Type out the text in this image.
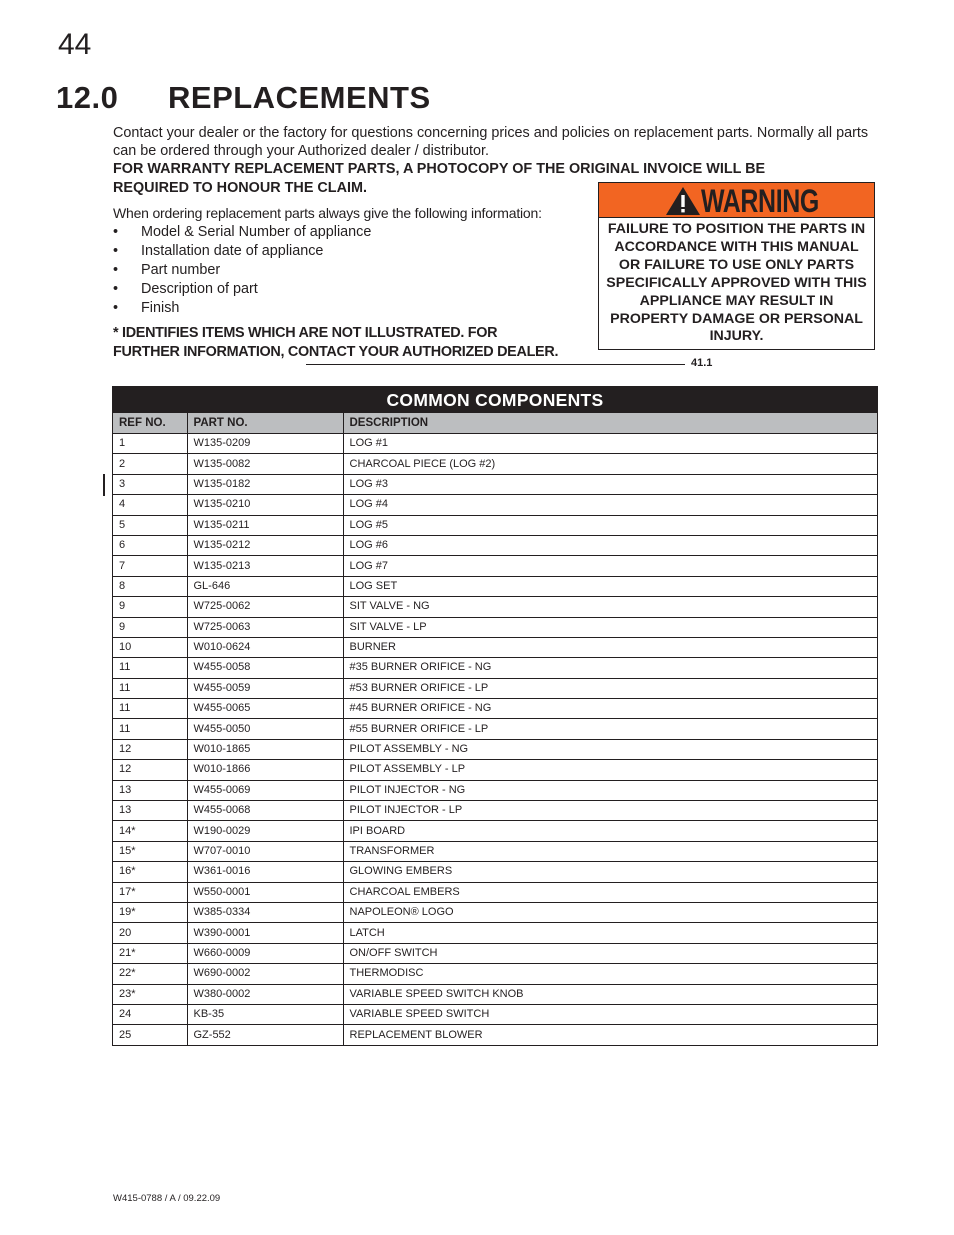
44
12.0 REPLACEMENTS
Contact your dealer or the factory for questions concerning prices and policies on replacement parts. Normally all parts can be ordered through your Authorized dealer / distributor.
FOR WARRANTY REPLACEMENT PARTS, A PHOTOCOPY OF THE ORIGINAL INVOICE WILL BE
REQUIRED TO HONOUR THE CLAIM.
When ordering replacement parts always give the following information:
• Model & Serial Number of appliance
• Installation date of appliance
• Part number
• Description of part
• Finish
* IDENTIFIES ITEMS WHICH ARE NOT ILLUSTRATED. FOR
FURTHER INFORMATION, CONTACT YOUR AUTHORIZED DEALER.
WARNING
FAILURE TO POSITION THE PARTS IN ACCORDANCE WITH THIS MANUAL OR FAILURE TO USE ONLY PARTS SPECIFICALLY APPROVED WITH THIS APPLIANCE MAY RESULT IN PROPERTY DAMAGE OR PERSONAL INJURY.
41.1
COMMON COMPONENTS
REF NO.	PART NO.	DESCRIPTION
1	W135-0209	LOG #1
2	W135-0082	CHARCOAL PIECE (LOG #2)
3	W135-0182	LOG #3
4	W135-0210	LOG #4
5	W135-0211	LOG #5
6	W135-0212	LOG #6
7	W135-0213	LOG #7
8	GL-646	LOG SET
9	W725-0062	SIT VALVE - NG
9	W725-0063	SIT VALVE - LP
10	W010-0624	BURNER
11	W455-0058	#35 BURNER ORIFICE - NG
11	W455-0059	#53 BURNER ORIFICE - LP
11	W455-0065	#45 BURNER ORIFICE - NG
11	W455-0050	#55 BURNER ORIFICE - LP
12	W010-1865	PILOT ASSEMBLY - NG
12	W010-1866	PILOT ASSEMBLY - LP
13	W455-0069	PILOT INJECTOR - NG
13	W455-0068	PILOT INJECTOR - LP
14*	W190-0029	IPI BOARD
15*	W707-0010	TRANSFORMER
16*	W361-0016	GLOWING EMBERS
17*	W550-0001	CHARCOAL EMBERS
19*	W385-0334	NAPOLEON® LOGO
20	W390-0001	LATCH
21*	W660-0009	ON/OFF SWITCH
22*	W690-0002	THERMODISC
23*	W380-0002	VARIABLE SPEED SWITCH KNOB
24	KB-35	VARIABLE SPEED SWITCH
25	GZ-552	REPLACEMENT BLOWER
W415-0788 / A / 09.22.09
